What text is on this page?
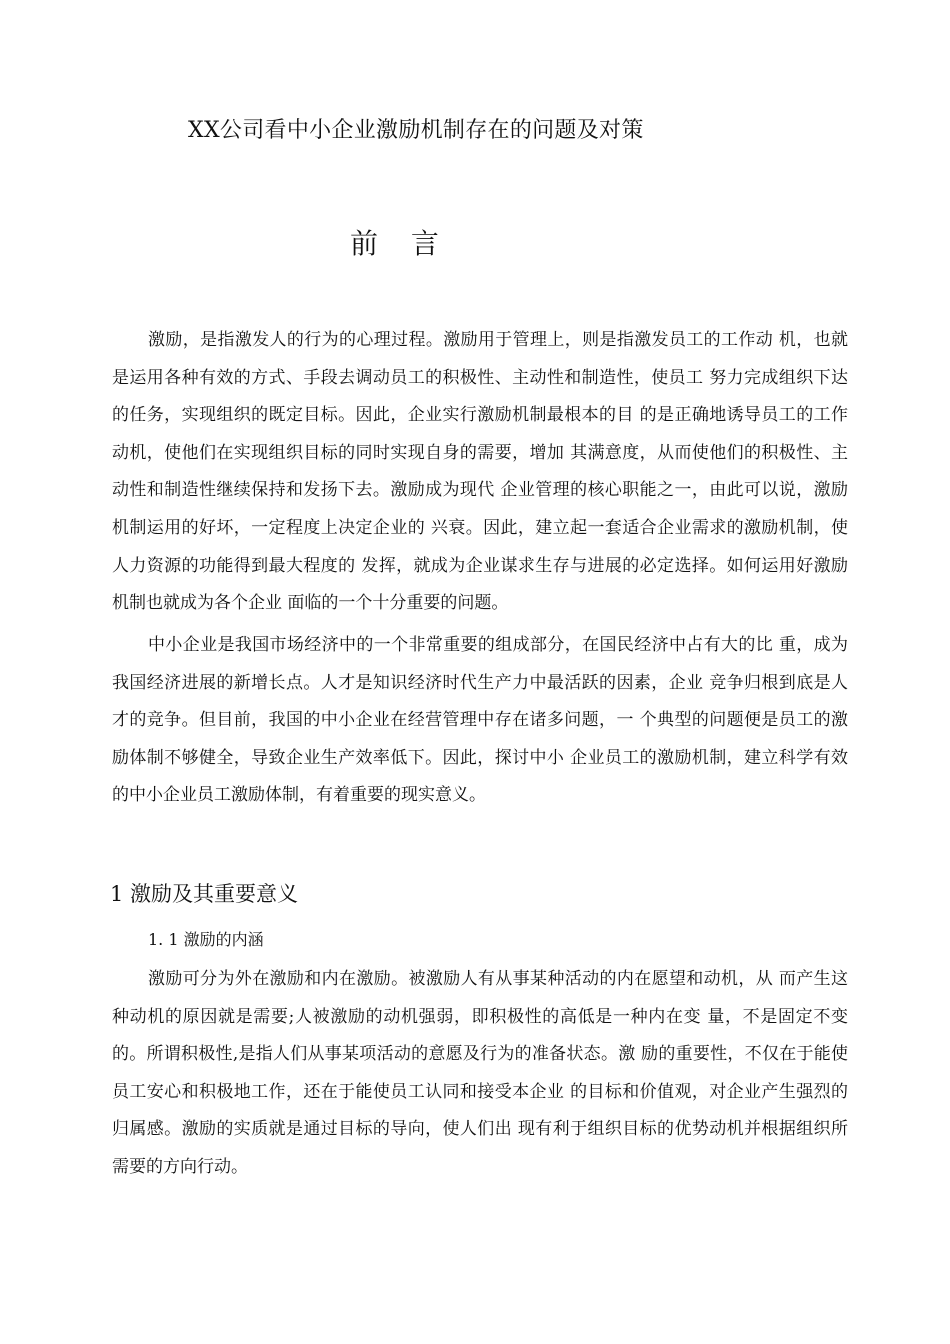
XX公司看中小企业激励机制存在的问题及对策
前 言

激励，是指激发人的行为的心理过程。激励用于管理上，则是指激发员工的工作动 机，也就是运用各种有效的方式、手段去调动员工的积极性、主动性和制造性，使员工 努力完成组织下达的任务，实现组织的既定目标。因此，企业实行激励机制最根本的目 的是正确地诱导员工的工作动机，使他们在实现组织目标的同时实现自身的需要，增加 其满意度，从而使他们的积极性、主动性和制造性继续保持和发扬下去。激励成为现代 企业管理的核心职能之一，由此可以说，激励机制运用的好坏，一定程度上决定企业的 兴衰。因此，建立起一套适合企业需求的激励机制，使人力资源的功能得到最大程度的 发挥，就成为企业谋求生存与进展的必定选择。如何运用好激励机制也就成为各个企业 面临的一个十分重要的问题。

中小企业是我国市场经济中的一个非常重要的组成部分，在国民经济中占有大的比 重，成为我国经济进展的新增长点。人才是知识经济时代生产力中最活跃的因素，企业 竞争归根到底是人才的竞争。但目前，我国的中小企业在经营管理中存在诸多问题，一 个典型的问题便是员工的激励体制不够健全，导致企业生产效率低下。因此，探讨中小 企业员工的激励机制，建立科学有效的中小企业员工激励体制，有着重要的现实意义。

1 激励及其重要意义
1. 1 激励的内涵

激励可分为外在激励和内在激励。被激励人有从事某种活动的内在愿望和动机，从 而产生这种动机的原因就是需要;人被激励的动机强弱，即积极性的高低是一种内在变 量，不是固定不变的。所谓积极性,是指人们从事某项活动的意愿及行为的准备状态。激 励的重要性，不仅在于能使员工安心和积极地工作，还在于能使员工认同和接受本企业 的目标和价值观，对企业产生强烈的归属感。激励的实质就是通过目标的导向，使人们出 现有利于组织目标的优势动机并根据组织所需要的方向行动。
